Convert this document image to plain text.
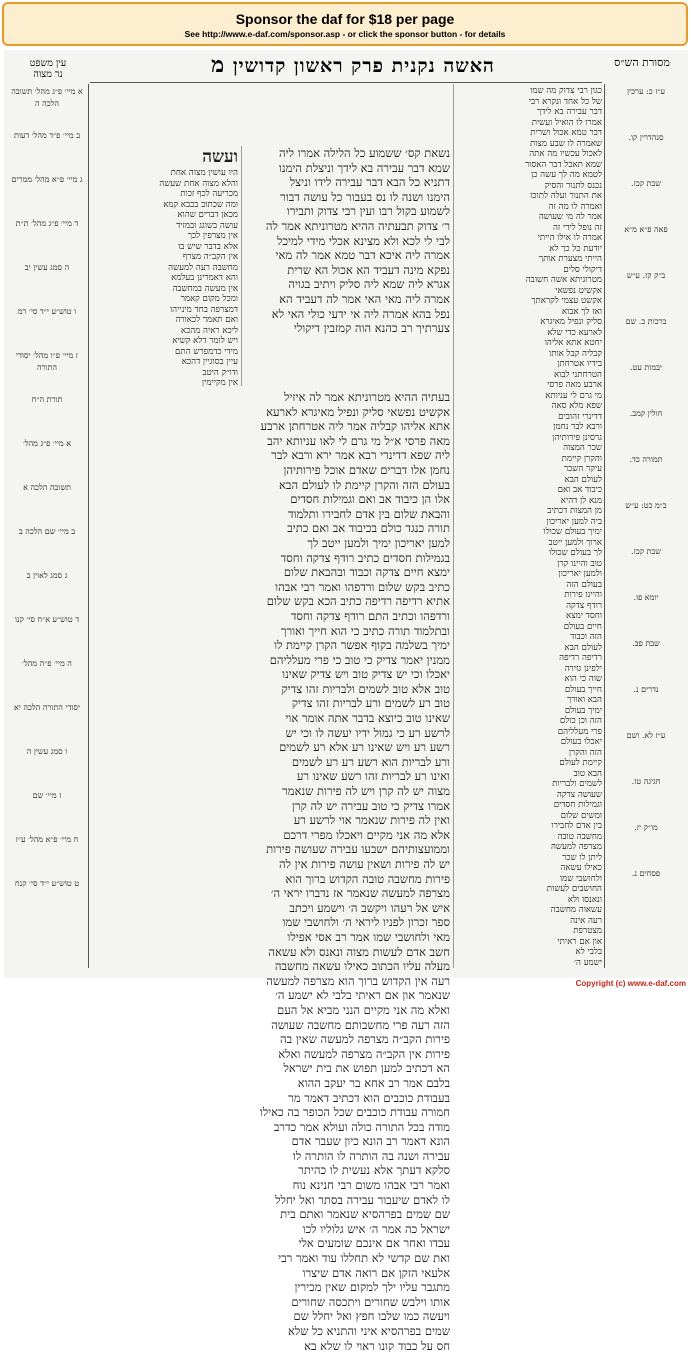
Sponsor the daf for $18 per page
See http://www.e-daf.com/sponsor.asp - or click the sponsor button - for details
מסורת הש״ס
האשה נקנית פרק ראשון קדושין מ
עין משפט
נר מצוה
א מיי׳ פ״ג מהל׳ תשובה הלכה ה
ב מיי׳ פ״ד מהל׳ דעות
ג מיי׳ פ״א מהל׳ ממרים
ד מיי׳ פ״ג מהל׳ ת״ת
ה סמג עשין יב
ו טוש״ע י״ד סי׳ רמ
ז מיי׳ פ״ו מהל׳ יסודי התורה
תורת ה״ח
א מיי׳ פ״ג מהל׳
תשובה הלכה א
ב מיי׳ שם הלכה ב
ג סמג לאוין ב
ד טוש״ע א״ח סי׳ קנו
ה מיי׳ פ״ה מהל׳
יסודי התורה הלכה יא
ו סמג עשין ה
ז מיי׳ שם
ח מיי׳ פ״א מהל׳ ע״ז
ט טוש״ע י״ד סי׳ קנח
ועשה
היו עושין מצוה אחת
והלא מצוה אחת שעשה
מכריעה לכף זכות
ומה שכתוב בכבא קמא
מכאן דברים שהוא
עושה בשוגג ובמזיד
אין מצרפין לכך
אלא בדבר שיש בו
אין הקב״ה מצרף
מחשבה רעה למעשה
והא דאמרינן בעלמא
אין מעשה במחשבה
ומכל מקום קאמר
דמצרפה בחד מינייהו
ואם תאמר לכאורה
ליכא ראיה מהכא
ויש לומר דלא קשיא
מידי כדמפרש התם
עיין בסוגיין דהכא
ודו״ק היטב
אין מקיימין
נשאת קס׳ ששמוע כל הלילה אמרו ליה
שמא דבר עבירה בא לידך וניצלת הימנו
דתניא כל הבא דבר עבירה לידו וניצל
הימנו ושנה לו נס בעבור כל עושה דבור
לשמוע בקול רבו ועין רבי צדוק ותבירו
ר׳ צדוק תבעתיה ההיא מטרוניתא אמר לה
לבי לי לכא ולא מצינא אכלי מידי למיכל
אמרה ליה איכא דבר טמא אמר לה מאי
נפקא מינה דעביד הא אכול הא שרית
אגרא ליה שמא ליה סליק ויתיב בגויה
אמרה ליה מאי האי אמר לה דעביד הא
נפל בהא אמרה ליה אי ידעי כולי האי לא
צערתיך רב כהנא הוה קמזבין דיקולי
בעתיה ההיא מטרוניתא אמר לה איזיל
אקשיט נפשאי סליק ונפיל מאיגרא לארעא
אתא אליהו קבליה אמר ליה אטרחתן ארבע
מאה פרסי א״ל מי גרם לי לאו עניותא יהב
ליה שפא דדינרי רבא אמר ירא ורבא לבר
נחמן אלו דברים שאדם אוכל פירותיהן
בעולם הזה והקרן קיימת לו לעולם הבא
אלו הן כיבוד אב ואם וגמילות חסדים
והבאת שלום בין אדם לחבירו ותלמוד
תורה כנגד כולם בכיבוד אב ואם כתיב
למען יאריכון ימיך ולמען ייטב לך
בגמילות חסדים כתיב רודף צדקה וחסד
ימצא חיים צדקה וכבוד ובהבאת שלום
כתיב בקש שלום ורדפהו ואמר רבי אבהו
אתיא רדיפה רדיפה כתיב הכא בקש שלום
ורדפהו וכתיב התם רודף צדקה וחסד
ובתלמוד תורה כתיב כי הוא חייך ואורך
ימיך בשלמה בקוף אפשר הקרן קיימת לו
ממנין יאמר צדיק כי טוב כי פרי מעלליהם
יאכלו וכי יש צדיק טוב ויש צדיק שאינו
טוב אלא טוב לשמים ולבריות זהו צדיק
טוב רע לשמים ורע לבריות זהו צדיק
שאינו טוב כיוצא בדבר אתה אומר אוי
לרשע רע כי גמול ידיו יעשה לו וכי יש
רשע רע ויש שאינו רע אלא רע לשמים
ורע לבריות הוא רשע רע רע לשמים
ואינו רע לבריות זהו רשע שאינו רע
מצוה יש לה קרן ויש לה פירות שנאמר
אמרו צדיק כי טוב עבירה יש לה קרן
ואין לה פירות שנאמר אוי לרשע רע
אלא מה אני מקיים ויאכלו מפרי דרכם
וממועצותיהם ישבעו עבירה שעושה פירות
יש לה פירות ושאין עושה פירות אין לה
פירות מחשבה טובה הקדוש ברוך הוא
מצרפה למעשה שנאמר אז נדברו יראי ה׳
איש אל רעהו ויקשב ה׳ וישמע ויכתב
ספר זכרון לפניו ליראי ה׳ ולחושבי שמו
מאי ולחושבי שמו אמר רב אסי אפילו
חשב אדם לעשות מצוה ונאנס ולא עשאה
מעלה עליו הכתוב כאילו עשאה מחשבה
רעה אין הקדוש ברוך הוא מצרפה למעשה
שנאמר און אם ראיתי בלבי לא ישמע ה׳
ואלא מה אני מקיים הנני מביא אל העם
הזה רעה פרי מחשבותם מחשבה שעושה
פירות הקב״ה מצרפה למעשה שאין בה
פירות אין הקב״ה מצרפה למעשה ואלא
הא דכתיב למען תפוש את בית ישראל
בלבם אמר רב אחא בר יעקב ההוא
בעבודת כוכבים הוא דכתיב דאמר מר
חמורה עבודת כוכבים שכל הכופר בה כאילו
מודה בכל התורה כולה ועולא אמר כדרב
הונא דאמר רב הונא כיון שעבר אדם
עבירה ושנה בה הותרה לו הותרה לו
סלקא דעתך אלא נעשית לו כהיתר
ואמר רבי אבהו משום רבי חנינא נוח
לו לאדם שיעבור עבירה בסתר ואל יחלל
שם שמים בפרהסיא שנאמר ואתם בית
ישראל כה אמר ה׳ איש גלוליו לכו
עבדו ואחר אם אינכם שומעים אלי
ואת שם קדשי לא תחללו עוד ואמר רבי
אלעאי הזקן אם רואה אדם שיצרו
מתגבר עליו ילך למקום שאין מכירין
אותו וילבש שחורים ויתכסה שחורים
ויעשה כמו שלבו חפץ ואל יחלל שם
שמים בפרהסיא איני והתניא כל שלא
חס על כבוד קונו ראוי לו שלא בא
כגון רבי צדוק מה שמו
של כל אחד ונקרא רבי
דבר עבירה בא לידך
אמרו לו הואיל ועשית
דבר טמא אכול ושרית
שאמרה לו שבע מצות
לאכול עכשיו מה אתה
שמא תאכל דבר האסור
לטמא מה לך עשה כן
נכנס לתנור והסיק
את התנור ועלה לתוכו
ואמרה לו מה זה
אמר לה מי שעושה
זה נופל לידי זה
אמרה לו אילו הייתי
יודעת כל כך לא
הייתי מצערת אותך
דיקולי סלים
מטרוניתא אשה חשובה
אקשיט נפשאי
אקשט עצמי לקראתך
ואז לך אבוא
סליק ונפיל מאיגרא
לארעא כדי שלא
יחטא אתא אליהו
קבליה קבל אותו
בידיו אטרחתן
הטרחתני לבוא
ארבע מאה פרסי
מי גרם לי עניותא
שפא מלא סאה
דדינרי זהובים
ורבא לבר נחמן
גרסינן פירותיהן
שכר המצוה
והקרן קיימת
עיקר השכר
לעולם הבא
כיבוד אב ואם
מנא לן דהיא
מן המצות דכתיב
ביה למען יאריכון
ימיך בעולם שכולו
ארוך ולמען ייטב
לך בעולם שכולו
טוב והיינו קרן
ולמען יאריכון
בעולם הזה
והיינו פירות
רודף צדקה
וחסד ימצא
חיים בעולם
הזה וכבוד
לעולם הבא
רדיפה רדיפה
ילפינן גזירה
שוה כי הוא
חייך בעולם
הבא ואורך
ימיך בעולם
הזה וכן כולם
פרי מעלליהם
יאכלו בעולם
הזה והקרן
קיימת לעולם
הבא טוב
לשמים ולבריות
שעושה צדקה
וגמילות חסדים
ומשים שלום
בין אדם לחבירו
מחשבה טובה
מצרפה למעשה
ליתן לו שכר
כאילו עשאה
ולחושבי שמו
החושבים לעשות
ונאנסו ולא
עשאוה מחשבה
רעה אינה
מצטרפת
און אם ראיתי
בלבי לא
ישמע ה׳
ע״ז כ: ערכין
סנהדרין קו.
שבת קכז.
פאה פ״א מ״א
ב״ק קז. ע״ש
ברכות כ. שם
יבמות עט.
חולין קמב.
תמורה כד.
ב״מ כט: ע״ש
שבת קכז.
יומא פו.
שבת פב.
נדרים נ.
ע״ז לא. ושם
חגיגה טז.
מו״ק יז.
פסחים נ.
Copyright (c) www.e-daf.com
